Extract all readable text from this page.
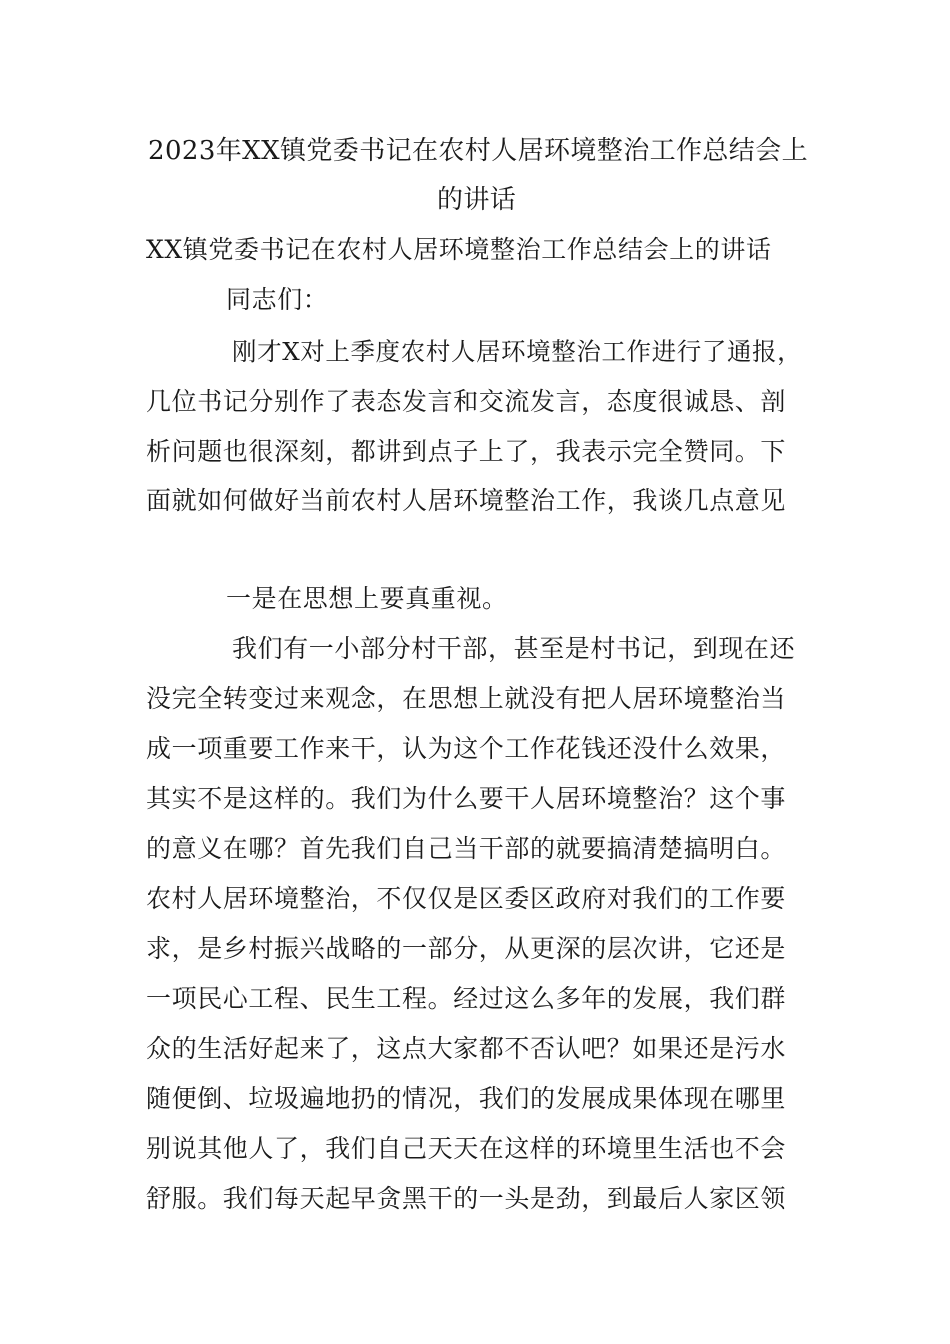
2023年XX镇党委书记在农村人居环境整治工作总结会上
的讲话
XX镇党委书记在农村人居环境整治工作总结会上的讲话
同志们：
刚才X对上季度农村人居环境整治工作进行了通报，
几位书记分别作了表态发言和交流发言，态度很诚恳、剖
析问题也很深刻，都讲到点子上了，我表示完全赞同。下
面就如何做好当前农村人居环境整治工作，我谈几点意见
一是在思想上要真重视。
我们有一小部分村干部，甚至是村书记，到现在还
没完全转变过来观念，在思想上就没有把人居环境整治当
成一项重要工作来干，认为这个工作花钱还没什么效果，
其实不是这样的。我们为什么要干人居环境整治？这个事
的意义在哪？首先我们自己当干部的就要搞清楚搞明白。
农村人居环境整治，不仅仅是区委区政府对我们的工作要
求，是乡村振兴战略的一部分，从更深的层次讲，它还是
一项民心工程、民生工程。经过这么多年的发展，我们群
众的生活好起来了，这点大家都不否认吧？如果还是污水
随便倒、垃圾遍地扔的情况，我们的发展成果体现在哪里
别说其他人了，我们自己天天在这样的环境里生活也不会
舒服。我们每天起早贪黑干的一头是劲，到最后人家区领
